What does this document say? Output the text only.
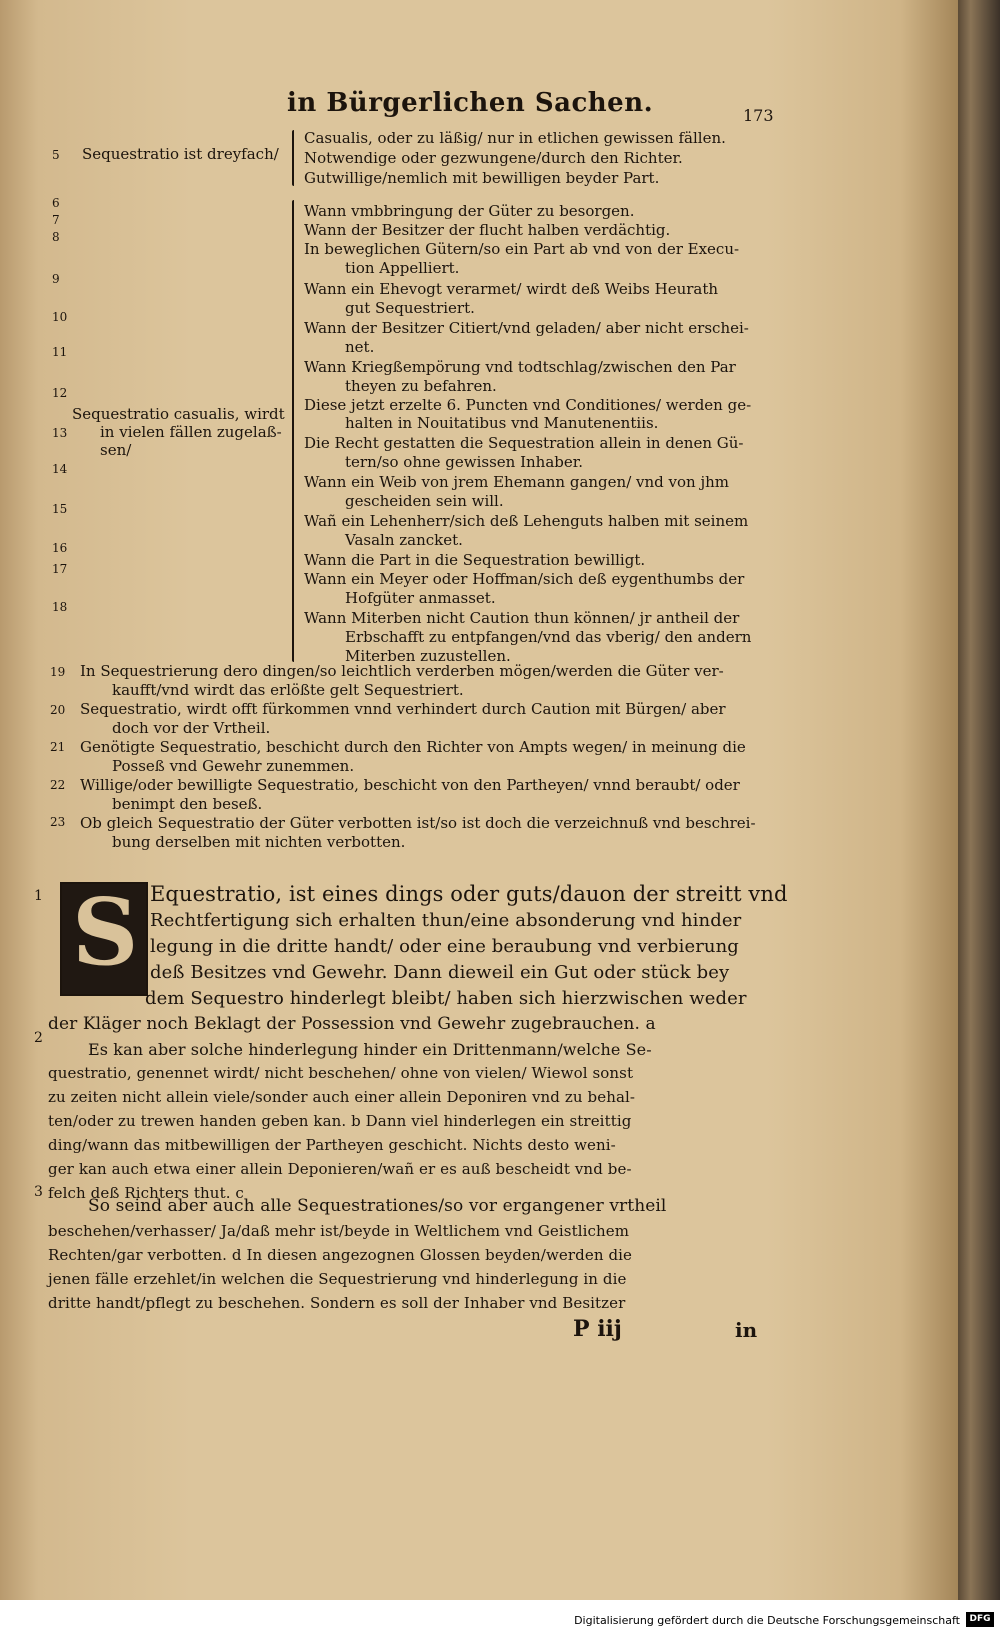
in Bürgerlichen Sachen.	173
Sequestratio ist dreyfach/
Casualis, oder zu läßig/ nur in etlichen gewissen fällen.
Notwendige oder gezwungene/durch den Richter.
Gutwillige/nemlich mit bewilligen beyder Part.
Sequestratio casualis, wirdt
in vielen fällen zugelaß-
sen/
Wann vmbbringung der Güter zu besorgen.
Wann der Besitzer der flucht halben verdächtig.
In beweglichen Gütern/so ein Part ab vnd von der Execu-
tion Appelliert.
Wann ein Ehevogt verarmet/ wirdt deß Weibs Heurath
gut Sequestriert.
Wann der Besitzer Citiert/vnd geladen/ aber nicht erschei-
net.
Wann Kriegßempörung vnd todtschlag/zwischen den Par
theyen zu befahren.
Diese jetzt erzelte 6. Puncten vnd Conditiones/ werden ge-
halten in Nouitatibus vnd Manutenentiis.
Die Recht gestatten die Sequestration allein in denen Gü-
tern/so ohne gewissen Inhaber.
Wann ein Weib von jrem Ehemann gangen/ vnd von jhm
gescheiden sein will.
Wañ ein Lehenherr/sich deß Lehenguts halben mit seinem
Vasaln zancket.
Wann die Part in die Sequestration bewilligt.
Wann ein Meyer oder Hoffman/sich deß eygenthumbs der
Hofgüter anmasset.
Wann Miterben nicht Caution thun können/ jr antheil der
Erbschafft zu entpfangen/vnd das vberig/ den andern
Miterben zuzustellen.
5
6
7
8
9
10
11
12
13
14
15
16
17
18
19
20
21
22
23
In Sequestrierung dero dingen/so leichtlich verderben mögen/werden die Güter ver-
kaufft/vnd wirdt das erlößte gelt Sequestriert.
Sequestratio, wirdt offt fürkommen vnnd verhindert durch Caution mit Bürgen/ aber
doch vor der Vrtheil.
Genötigte Sequestratio, beschicht durch den Richter von Ampts wegen/ in meinung die
Posseß vnd Gewehr zunemmen.
Willige/oder bewilligte Sequestratio, beschicht von den Partheyen/ vnnd beraubt/ oder
benimpt den beseß.
Ob gleich Sequestratio der Güter verbotten ist/so ist doch die verzeichnuß vnd beschrei-
bung derselben mit nichten verbotten.
S
1
2
3
Equestratio, ist eines dings oder guts/dauon der streitt vnd
Rechtfertigung sich erhalten thun/eine absonderung vnd hinder
legung in die dritte handt/ oder eine beraubung vnd verbierung
deß Besitzes vnd Gewehr. Dann dieweil ein Gut oder stück bey
dem Sequestro hinderlegt bleibt/ haben sich hierzwischen weder
der Kläger noch Beklagt der Possession vnd Gewehr zugebrauchen. a
Es kan aber solche hinderlegung hinder ein Drittenmann/welche Se-
questratio, genennet wirdt/ nicht beschehen/ ohne von vielen/ Wiewol sonst
zu zeiten nicht allein viele/sonder auch einer allein Deponiren vnd zu behal-
ten/oder zu trewen handen geben kan. b Dann viel hinderlegen ein streittig
ding/wann das mitbewilligen der Partheyen geschicht. Nichts desto weni-
ger kan auch etwa einer allein Deponieren/wañ er es auß bescheidt vnd be-
felch deß Richters thut. c
So seind aber auch alle Sequestrationes/so vor ergangener vrtheil
beschehen/verhasser/ Ja/daß mehr ist/beyde in Weltlichem vnd Geistlichem
Rechten/gar verbotten. d In diesen angezognen Glossen beyden/werden die
jenen fälle erzehlet/in welchen die Sequestrierung vnd hinderlegung in die
dritte handt/pflegt zu beschehen. Sondern es soll der Inhaber vnd Besitzer
P iij	in
Digitalisierung gefördert durch die Deutsche Forschungsgemeinschaft	DFG
